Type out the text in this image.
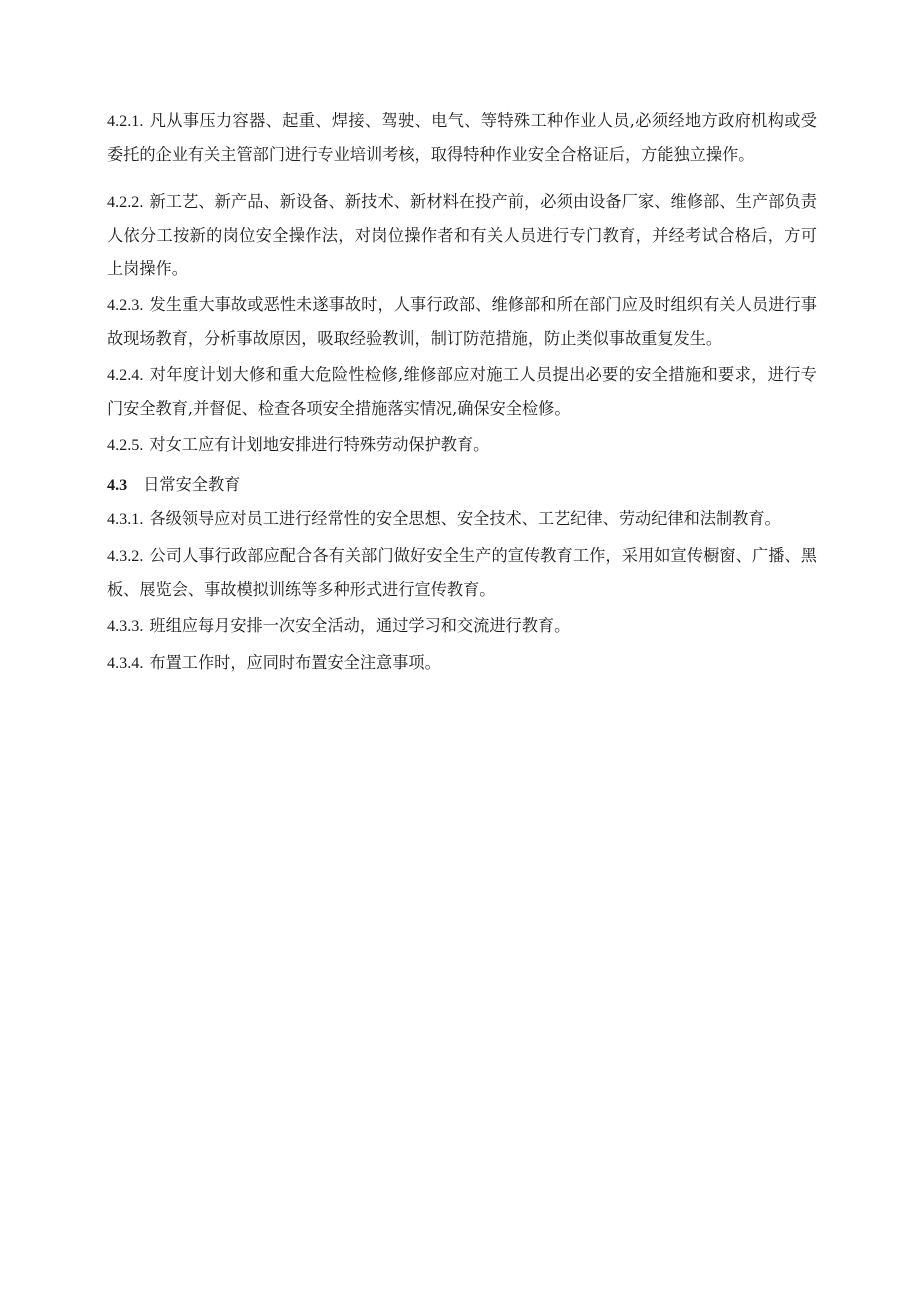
4.2.1. 凡从事压力容器、起重、焊接、驾驶、电气、等特殊工种作业人员,必须经地方政府机构或受委托的企业有关主管部门进行专业培训考核，取得特种作业安全合格证后，方能独立操作。

4.2.2. 新工艺、新产品、新设备、新技术、新材料在投产前，必须由设备厂家、维修部、生产部负责人依分工按新的岗位安全操作法，对岗位操作者和有关人员进行专门教育，并经考试合格后，方可上岗操作。

4.2.3. 发生重大事故或恶性未遂事故时，人事行政部、维修部和所在部门应及时组织有关人员进行事故现场教育，分析事故原因，吸取经验教训，制订防范措施，防止类似事故重复发生。

4.2.4. 对年度计划大修和重大危险性检修,维修部应对施工人员提出必要的安全措施和要求，进行专门安全教育,并督促、检查各项安全措施落实情况,确保安全检修。

4.2.5. 对女工应有计划地安排进行特殊劳动保护教育。

4.3 日常安全教育

4.3.1. 各级领导应对员工进行经常性的安全思想、安全技术、工艺纪律、劳动纪律和法制教育。

4.3.2. 公司人事行政部应配合各有关部门做好安全生产的宣传教育工作，采用如宣传橱窗、广播、黑板、展览会、事故模拟训练等多种形式进行宣传教育。

4.3.3. 班组应每月安排一次安全活动，通过学习和交流进行教育。

4.3.4. 布置工作时，应同时布置安全注意事项。
